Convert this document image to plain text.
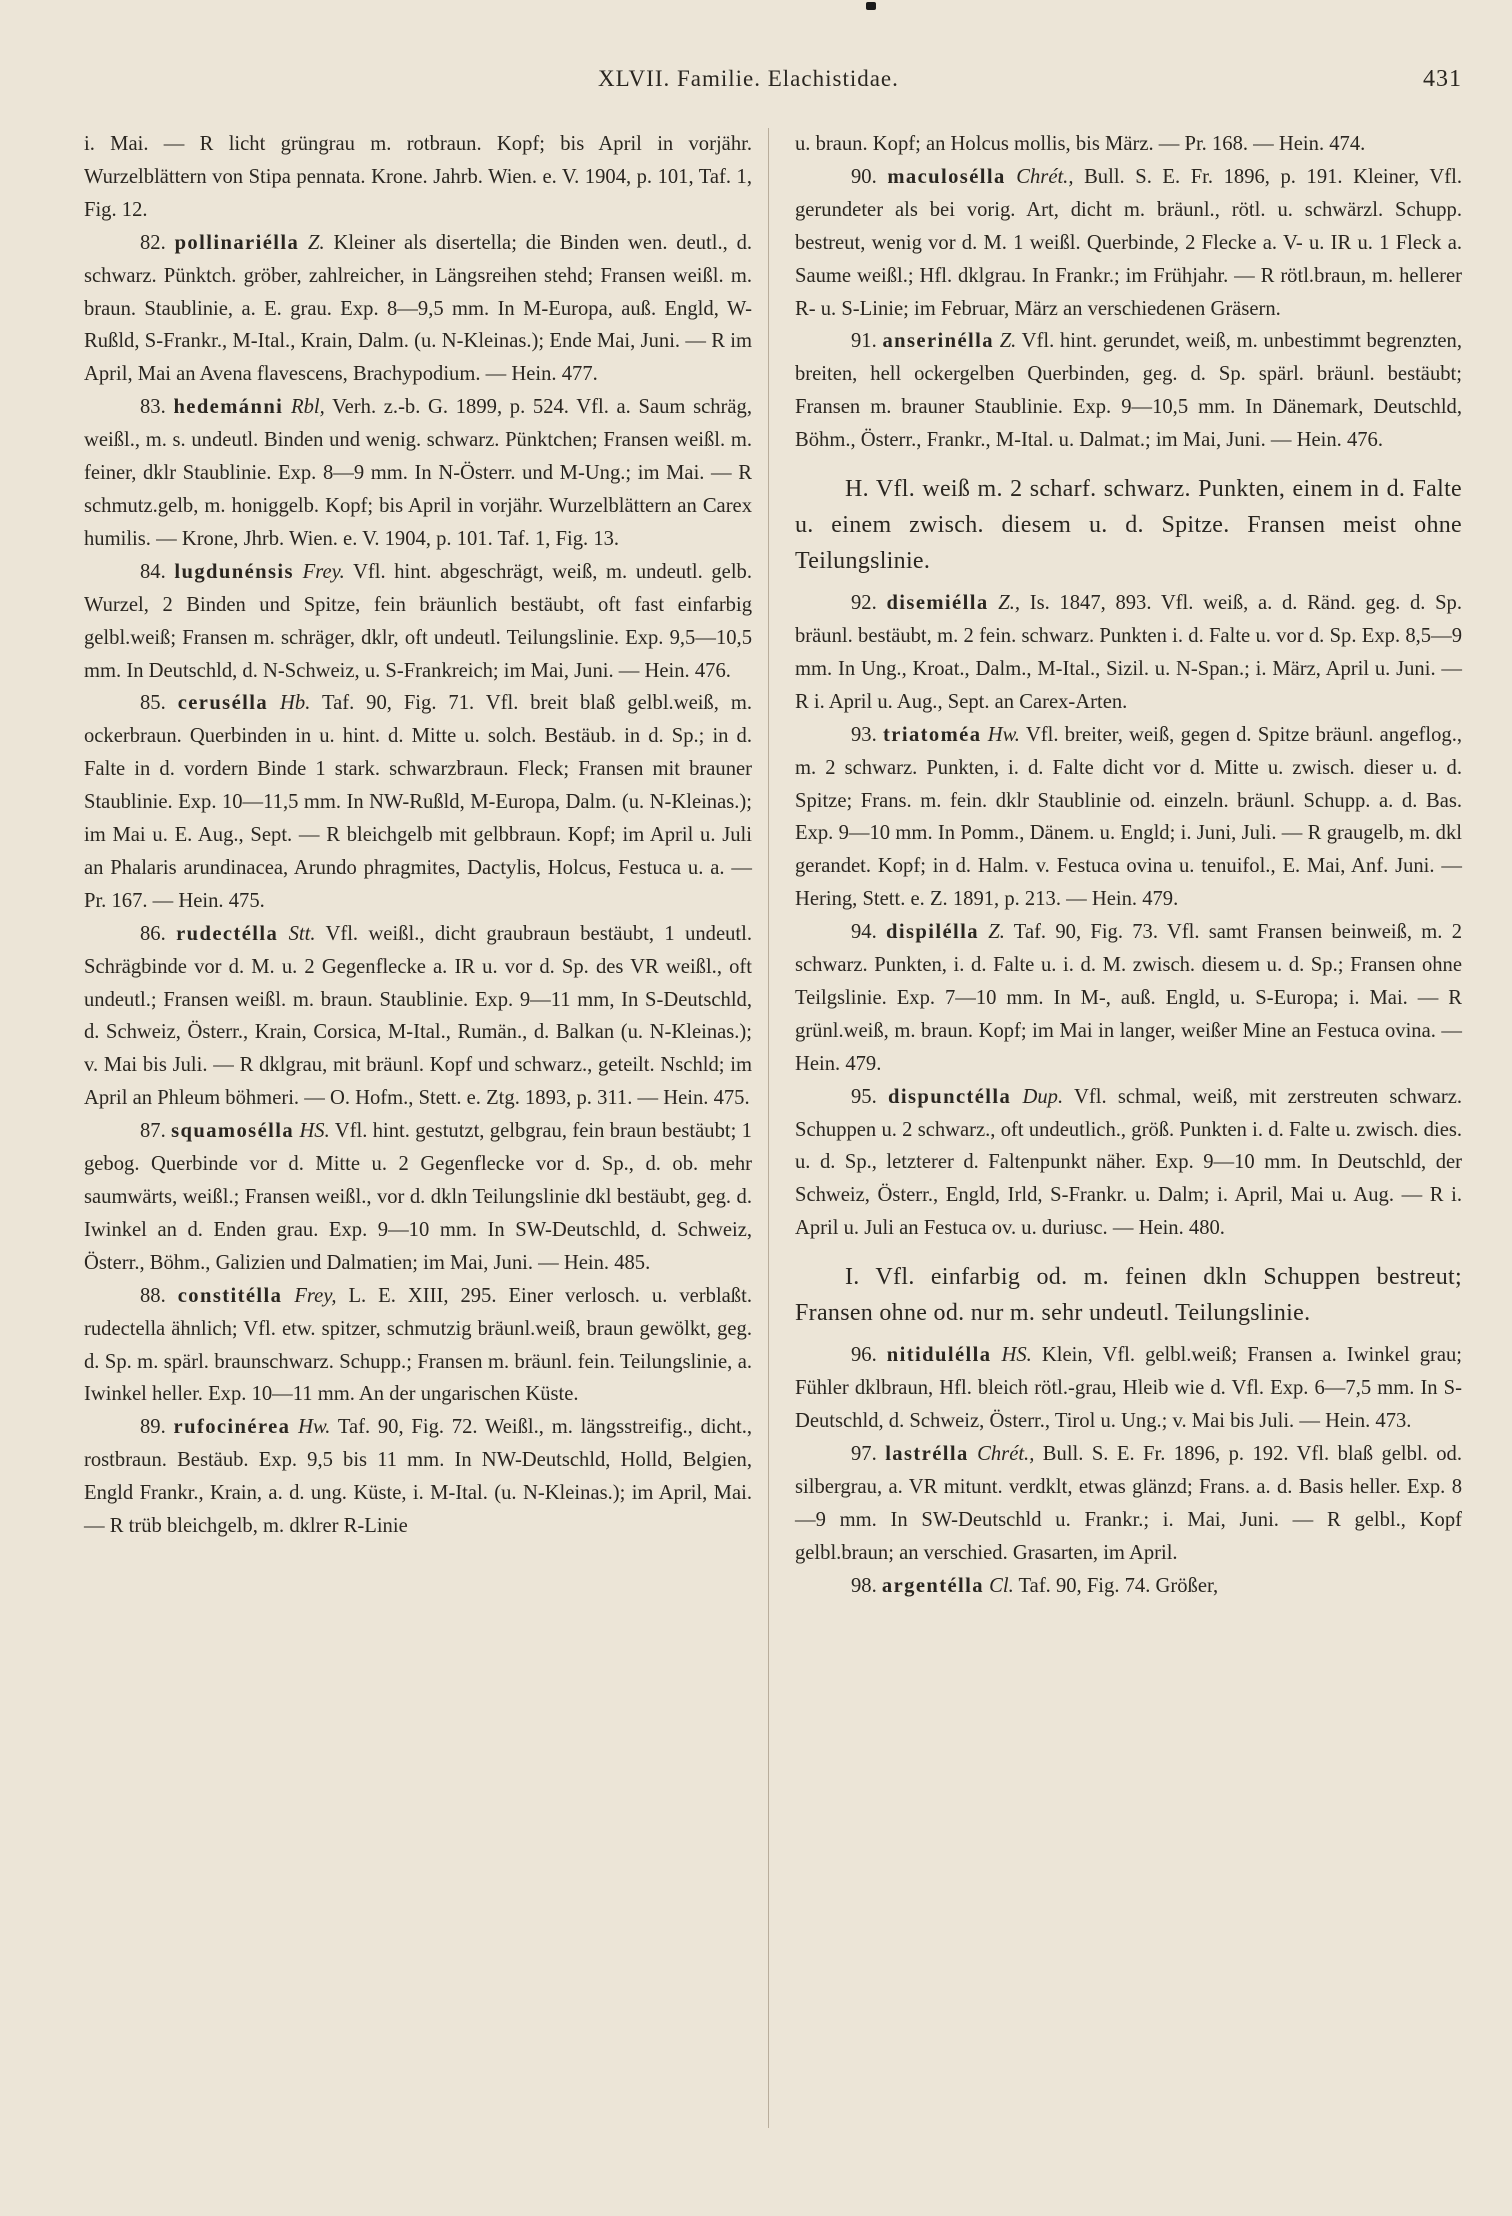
XLVII. Familie. Elachistidae.	431

i. Mai. — R licht grüngrau m. rotbraun. Kopf; bis April in vorjähr. Wurzelblättern von Stipa pennata. Krone. Jahrb. Wien. e. V. 1904, p. 101, Taf. 1, Fig. 12.

82. pollinariélla Z. Kleiner als disertella; die Binden wen. deutl., d. schwarz. Pünktch. gröber, zahlreicher, in Längsreihen stehd; Fransen weißl. m. braun. Staublinie, a. E. grau. Exp. 8—9,5 mm. In M-Europa, auß. Engld, W-Rußld, S-Frankr., M-Ital., Krain, Dalm. (u. N-Kleinas.); Ende Mai, Juni. — R im April, Mai an Avena flavescens, Brachypodium. — Hein. 477.

83. hedemánni Rbl, Verh. z.-b. G. 1899, p. 524. Vfl. a. Saum schräg, weißl., m. s. undeutl. Binden und wenig. schwarz. Pünktchen; Fransen weißl. m. feiner, dklr Staublinie. Exp. 8—9 mm. In N-Österr. und M-Ung.; im Mai. — R schmutz.gelb, m. honiggelb. Kopf; bis April in vorjähr. Wurzelblättern an Carex humilis. — Krone, Jhrb. Wien. e. V. 1904, p. 101. Taf. 1, Fig. 13.

84. lugdunénsis Frey. Vfl. hint. abgeschrägt, weiß, m. undeutl. gelb. Wurzel, 2 Binden und Spitze, fein bräunlich bestäubt, oft fast einfarbig gelbl.weiß; Fransen m. schräger, dklr, oft undeutl. Teilungslinie. Exp. 9,5—10,5 mm. In Deutschld, d. N-Schweiz, u. S-Frankreich; im Mai, Juni. — Hein. 476.

85. cerusélla Hb. Taf. 90, Fig. 71. Vfl. breit blaß gelbl.weiß, m. ockerbraun. Querbinden in u. hint. d. Mitte u. solch. Bestäub. in d. Sp.; in d. Falte in d. vordern Binde 1 stark. schwarzbraun. Fleck; Fransen mit brauner Staublinie. Exp. 10—11,5 mm. In NW-Rußld, M-Europa, Dalm. (u. N-Kleinas.); im Mai u. E. Aug., Sept. — R bleichgelb mit gelbbraun. Kopf; im April u. Juli an Phalaris arundinacea, Arundo phragmites, Dactylis, Holcus, Festuca u. a. — Pr. 167. — Hein. 475.

86. rudectélla Stt. Vfl. weißl., dicht graubraun bestäubt, 1 undeutl. Schrägbinde vor d. M. u. 2 Gegenflecke a. IR u. vor d. Sp. des VR weißl., oft undeutl.; Fransen weißl. m. braun. Staublinie. Exp. 9—11 mm, In S-Deutschld, d. Schweiz, Österr., Krain, Corsica, M-Ital., Rumän., d. Balkan (u. N-Kleinas.); v. Mai bis Juli. — R dklgrau, mit bräunl. Kopf und schwarz., geteilt. Nschld; im April an Phleum böhmeri. — O. Hofm., Stett. e. Ztg. 1893, p. 311. — Hein. 475.

87. squamosélla HS. Vfl. hint. gestutzt, gelbgrau, fein braun bestäubt; 1 gebog. Querbinde vor d. Mitte u. 2 Gegenflecke vor d. Sp., d. ob. mehr saumwärts, weißl.; Fransen weißl., vor d. dkln Teilungslinie dkl bestäubt, geg. d. Iwinkel an d. Enden grau. Exp. 9—10 mm. In SW-Deutschld, d. Schweiz, Österr., Böhm., Galizien und Dalmatien; im Mai, Juni. — Hein. 485.

88. constitélla Frey, L. E. XIII, 295. Einer verlosch. u. verblaßt. rudectella ähnlich; Vfl. etw. spitzer, schmutzig bräunl.weiß, braun gewölkt, geg. d. Sp. m. spärl. braunschwarz. Schupp.; Fransen m. bräunl. fein. Teilungslinie, a. Iwinkel heller. Exp. 10—11 mm. An der ungarischen Küste.

89. rufocinérea Hw. Taf. 90, Fig. 72. Weißl., m. längsstreifig., dicht., rostbraun. Bestäub. Exp. 9,5 bis 11 mm. In NW-Deutschld, Holld, Belgien, Engld Frankr., Krain, a. d. ung. Küste, i. M-Ital. (u. N-Kleinas.); im April, Mai. — R trüb bleichgelb, m. dklrer R-Linie

u. braun. Kopf; an Holcus mollis, bis März. — Pr. 168. — Hein. 474.

90. maculosélla Chrét., Bull. S. E. Fr. 1896, p. 191. Kleiner, Vfl. gerundeter als bei vorig. Art, dicht m. bräunl., rötl. u. schwärzl. Schupp. bestreut, wenig vor d. M. 1 weißl. Querbinde, 2 Flecke a. V- u. IR u. 1 Fleck a. Saume weißl.; Hfl. dklgrau. In Frankr.; im Frühjahr. — R rötl.braun, m. hellerer R- u. S-Linie; im Februar, März an verschiedenen Gräsern.

91. anserinélla Z. Vfl. hint. gerundet, weiß, m. unbestimmt begrenzten, breiten, hell ockergelben Querbinden, geg. d. Sp. spärl. bräunl. bestäubt; Fransen m. brauner Staublinie. Exp. 9—10,5 mm. In Dänemark, Deutschld, Böhm., Österr., Frankr., M-Ital. u. Dalmat.; im Mai, Juni. — Hein. 476.

H. Vfl. weiß m. 2 scharf. schwarz. Punkten, einem in d. Falte u. einem zwisch. diesem u. d. Spitze. Fransen meist ohne Teilungslinie.

92. disemiélla Z., Is. 1847, 893. Vfl. weiß, a. d. Ränd. geg. d. Sp. bräunl. bestäubt, m. 2 fein. schwarz. Punkten i. d. Falte u. vor d. Sp. Exp. 8,5—9 mm. In Ung., Kroat., Dalm., M-Ital., Sizil. u. N-Span.; i. März, April u. Juni. — R i. April u. Aug., Sept. an Carex-Arten.

93. triatoméa Hw. Vfl. breiter, weiß, gegen d. Spitze bräunl. angeflog., m. 2 schwarz. Punkten, i. d. Falte dicht vor d. Mitte u. zwisch. dieser u. d. Spitze; Frans. m. fein. dklr Staublinie od. einzeln. bräunl. Schupp. a. d. Bas. Exp. 9—10 mm. In Pomm., Dänem. u. Engld; i. Juni, Juli. — R graugelb, m. dkl gerandet. Kopf; in d. Halm. v. Festuca ovina u. tenuifol., E. Mai, Anf. Juni. — Hering, Stett. e. Z. 1891, p. 213. — Hein. 479.

94. dispilélla Z. Taf. 90, Fig. 73. Vfl. samt Fransen beinweiß, m. 2 schwarz. Punkten, i. d. Falte u. i. d. M. zwisch. diesem u. d. Sp.; Fransen ohne Teilgslinie. Exp. 7—10 mm. In M-, auß. Engld, u. S-Europa; i. Mai. — R grünl.weiß, m. braun. Kopf; im Mai in langer, weißer Mine an Festuca ovina. — Hein. 479.

95. dispunctélla Dup. Vfl. schmal, weiß, mit zerstreuten schwarz. Schuppen u. 2 schwarz., oft undeutlich., größ. Punkten i. d. Falte u. zwisch. dies. u. d. Sp., letzterer d. Faltenpunkt näher. Exp. 9—10 mm. In Deutschld, der Schweiz, Österr., Engld, Irld, S-Frankr. u. Dalm; i. April, Mai u. Aug. — R i. April u. Juli an Festuca ov. u. duriusc. — Hein. 480.

I. Vfl. einfarbig od. m. feinen dkln Schuppen bestreut; Fransen ohne od. nur m. sehr undeutl. Teilungslinie.

96. nitidulélla HS. Klein, Vfl. gelbl.weiß; Fransen a. Iwinkel grau; Fühler dklbraun, Hfl. bleich rötl.-grau, Hleib wie d. Vfl. Exp. 6—7,5 mm. In S-Deutschld, d. Schweiz, Österr., Tirol u. Ung.; v. Mai bis Juli. — Hein. 473.

97. lastrélla Chrét., Bull. S. E. Fr. 1896, p. 192. Vfl. blaß gelbl. od. silbergrau, a. VR mitunt. verdklt, etwas glänzd; Frans. a. d. Basis heller. Exp. 8—9 mm. In SW-Deutschld u. Frankr.; i. Mai, Juni. — R gelbl., Kopf gelbl.braun; an verschied. Grasarten, im April.

98. argentélla Cl. Taf. 90, Fig. 74. Größer,
